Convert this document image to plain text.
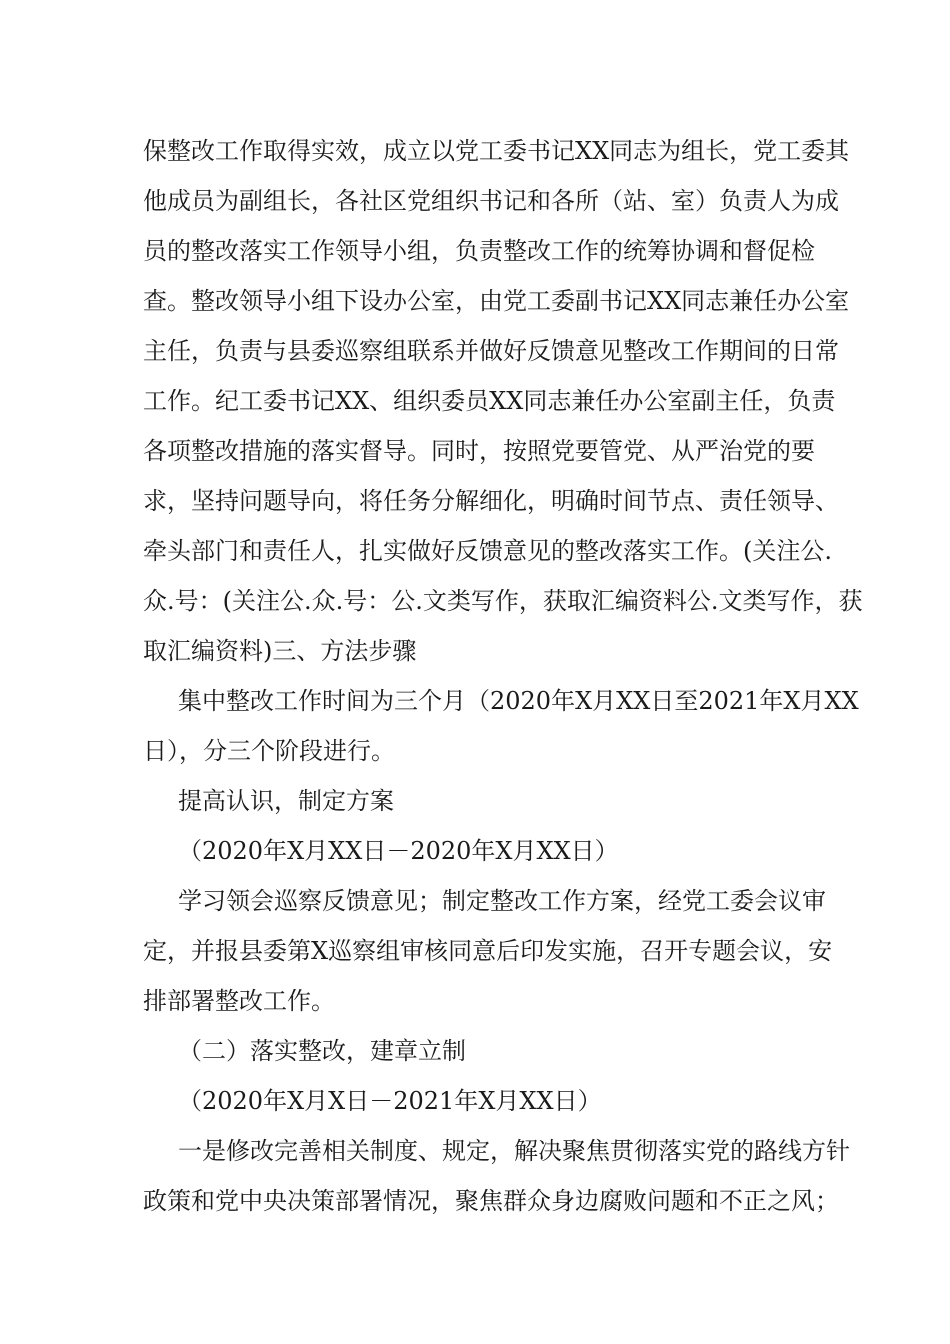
保整改工作取得实效，成立以党工委书记XX同志为组长，党工委其
他成员为副组长，各社区党组织书记和各所（站、室）负责人为成
员的整改落实工作领导小组，负责整改工作的统筹协调和督促检
查。整改领导小组下设办公室，由党工委副书记XX同志兼任办公室
主任，负责与县委巡察组联系并做好反馈意见整改工作期间的日常
工作。纪工委书记XX、组织委员XX同志兼任办公室副主任，负责
各项整改措施的落实督导。同时，按照党要管党、从严治党的要
求，坚持问题导向，将任务分解细化，明确时间节点、责任领导、
牵头部门和责任人，扎实做好反馈意见的整改落实工作。(关注公.
众.号：(关注公.众.号：公.文类写作，获取汇编资料公.文类写作，获
取汇编资料)三、方法步骤
集中整改工作时间为三个月（2020年X月XX日至2021年X月XX
日），分三个阶段进行。
提高认识，制定方案
（2020年X月XX日－2020年X月XX日）
学习领会巡察反馈意见；制定整改工作方案，经党工委会议审
定，并报县委第X巡察组审核同意后印发实施，召开专题会议，安
排部署整改工作。
（二）落实整改，建章立制
（2020年X月X日－2021年X月XX日）
一是修改完善相关制度、规定，解决聚焦贯彻落实党的路线方针
政策和党中央决策部署情况，聚焦群众身边腐败问题和不正之风；
